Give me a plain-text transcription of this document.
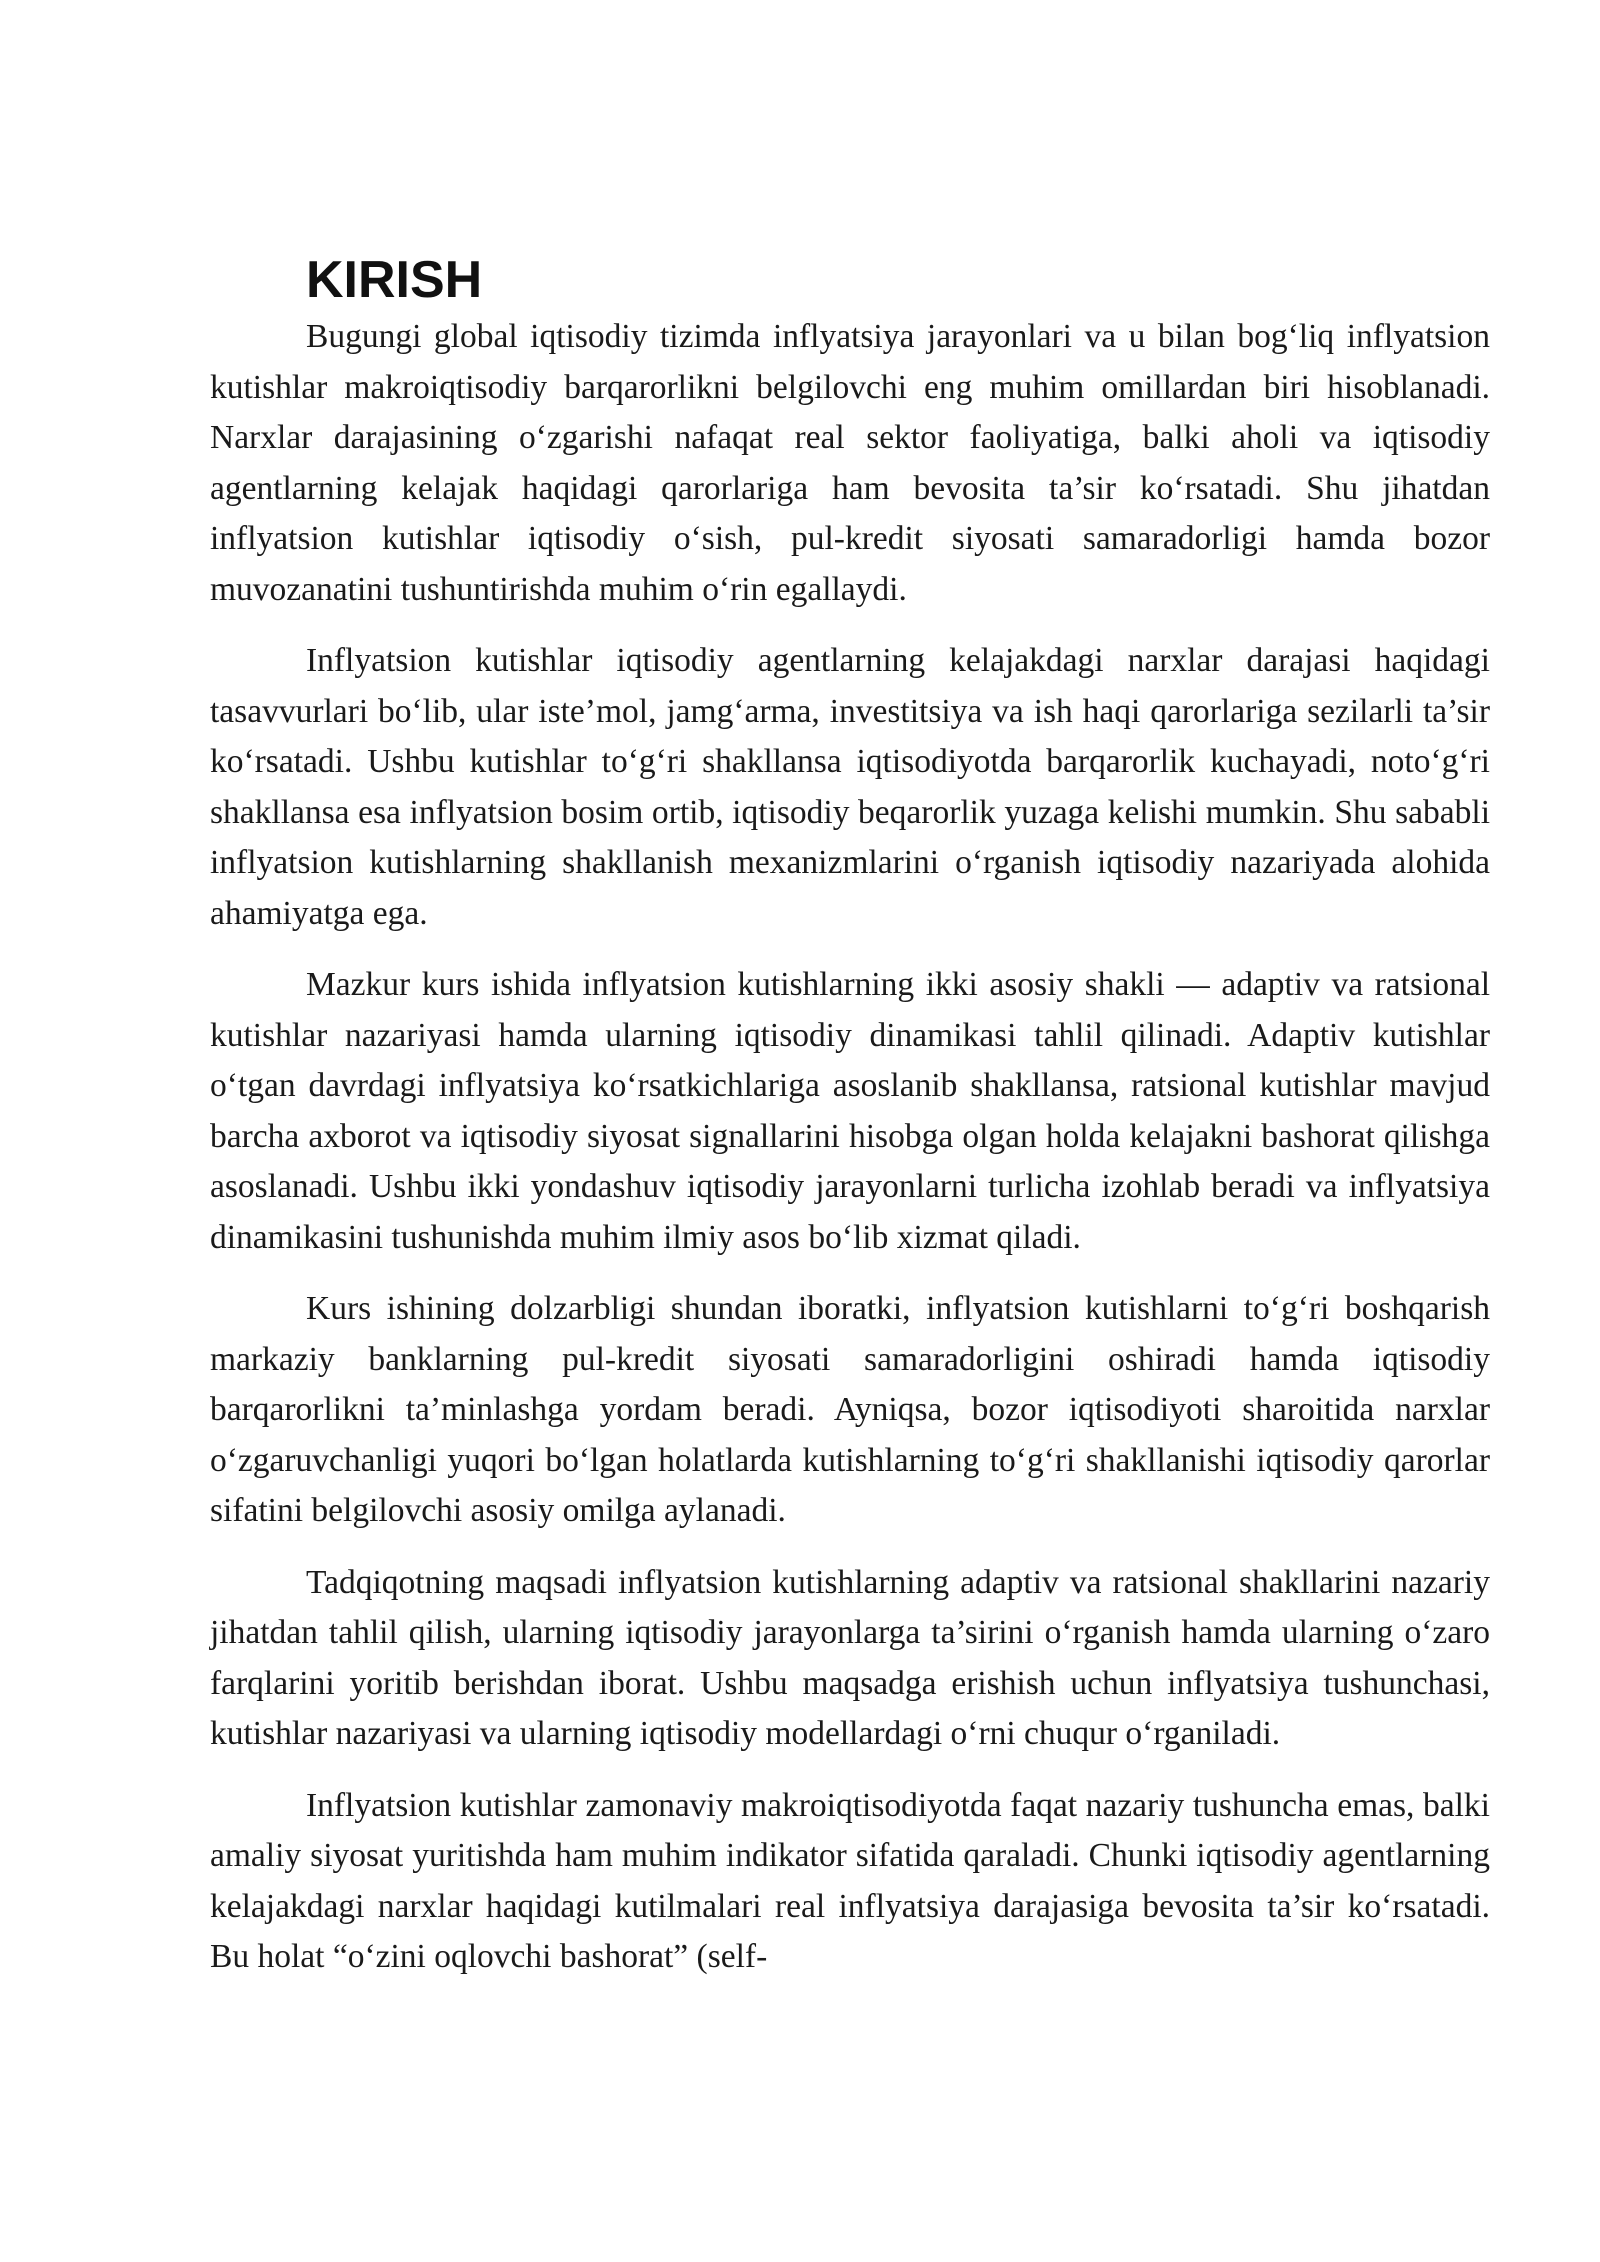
KIRISH

Bugungi global iqtisodiy tizimda inflyatsiya jarayonlari va u bilan bog‘liq inflyatsion kutishlar makroiqtisodiy barqarorlikni belgilovchi eng muhim omillardan biri hisoblanadi. Narxlar darajasining o‘zgarishi nafaqat real sektor faoliyatiga, balki aholi va iqtisodiy agentlarning kelajak haqidagi qarorlariga ham bevosita ta’sir ko‘rsatadi. Shu jihatdan inflyatsion kutishlar iqtisodiy o‘sish, pul-kredit siyosati samaradorligi hamda bozor muvozanatini tushuntirishda muhim o‘rin egallaydi.

Inflyatsion kutishlar iqtisodiy agentlarning kelajakdagi narxlar darajasi haqidagi tasavvurlari bo‘lib, ular iste’mol, jamg‘arma, investitsiya va ish haqi qarorlariga sezilarli ta’sir ko‘rsatadi. Ushbu kutishlar to‘g‘ri shakllansa iqtisodiyotda barqarorlik kuchayadi, noto‘g‘ri shakllansa esa inflyatsion bosim ortib, iqtisodiy beqarorlik yuzaga kelishi mumkin. Shu sababli inflyatsion kutishlarning shakllanish mexanizmlarini o‘rganish iqtisodiy nazariyada alohida ahamiyatga ega.

Mazkur kurs ishida inflyatsion kutishlarning ikki asosiy shakli — adaptiv va ratsional kutishlar nazariyasi hamda ularning iqtisodiy dinamikasi tahlil qilinadi. Adaptiv kutishlar o‘tgan davrdagi inflyatsiya ko‘rsatkichlariga asoslanib shakllansa, ratsional kutishlar mavjud barcha axborot va iqtisodiy siyosat signallarini hisobga olgan holda kelajakni bashorat qilishga asoslanadi. Ushbu ikki yondashuv iqtisodiy jarayonlarni turlicha izohlab beradi va inflyatsiya dinamikasini tushunishda muhim ilmiy asos bo‘lib xizmat qiladi.

Kurs ishining dolzarbligi shundan iboratki, inflyatsion kutishlarni to‘g‘ri boshqarish markaziy banklarning pul-kredit siyosati samaradorligini oshiradi hamda iqtisodiy barqarorlikni ta’minlashga yordam beradi. Ayniqsa, bozor iqtisodiyoti sharoitida narxlar o‘zgaruvchanligi yuqori bo‘lgan holatlarda kutishlarning to‘g‘ri shakllanishi iqtisodiy qarorlar sifatini belgilovchi asosiy omilga aylanadi.

Tadqiqotning maqsadi inflyatsion kutishlarning adaptiv va ratsional shakllarini nazariy jihatdan tahlil qilish, ularning iqtisodiy jarayonlarga ta’sirini o‘rganish hamda ularning o‘zaro farqlarini yoritib berishdan iborat. Ushbu maqsadga erishish uchun inflyatsiya tushunchasi, kutishlar nazariyasi va ularning iqtisodiy modellardagi o‘rni chuqur o‘rganiladi.

Inflyatsion kutishlar zamonaviy makroiqtisodiyotda faqat nazariy tushuncha emas, balki amaliy siyosat yuritishda ham muhim indikator sifatida qaraladi. Chunki iqtisodiy agentlarning kelajakdagi narxlar haqidagi kutilmalari real inflyatsiya darajasiga bevosita ta’sir ko‘rsatadi. Bu holat “o‘zini oqlovchi bashorat” (self-
